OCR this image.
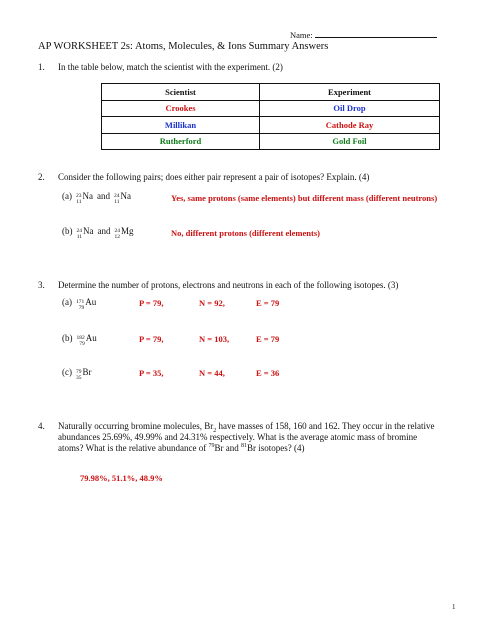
Name:
AP WORKSHEET 2s: Atoms, Molecules, & Ions Summary Answers
1. In the table below, match the scientist with the experiment. (2)
Scientist	Experiment
Crookes	Oil Drop
Millikan	Cathode Ray
Rutherford	Gold Foil
2. Consider the following pairs; does either pair represent a pair of isotopes? Explain. (4)
(a) 23
11
Na and 24
11
Na	Yes, same protons (same elements) but different mass (different neutrons)
(b) 24
11
Na and 24
12
Mg	No, different protons (different elements)
3. Determine the number of protons, electrons and neutrons in each of the following isotopes. (3)
(a) 171
79
Au	P = 79,	N = 92,	E = 79
(b) 182
79
Au	P = 79,	N = 103,	E = 79
(c) 79
35
Br	P = 35,	N = 44,	E = 36
4. Naturally occurring bromine molecules, $Br_2$ have masses of 158, 160 and 162. They occur in the relative
abundances 25.69%, 49.99% and 24.31% respectively. What is the average atomic mass of bromine
atoms? What is the relative abundance of $^{79}$Br and $^{81}$Br isotopes? (4)
79.98%, 51.1%, 48.9%
1
